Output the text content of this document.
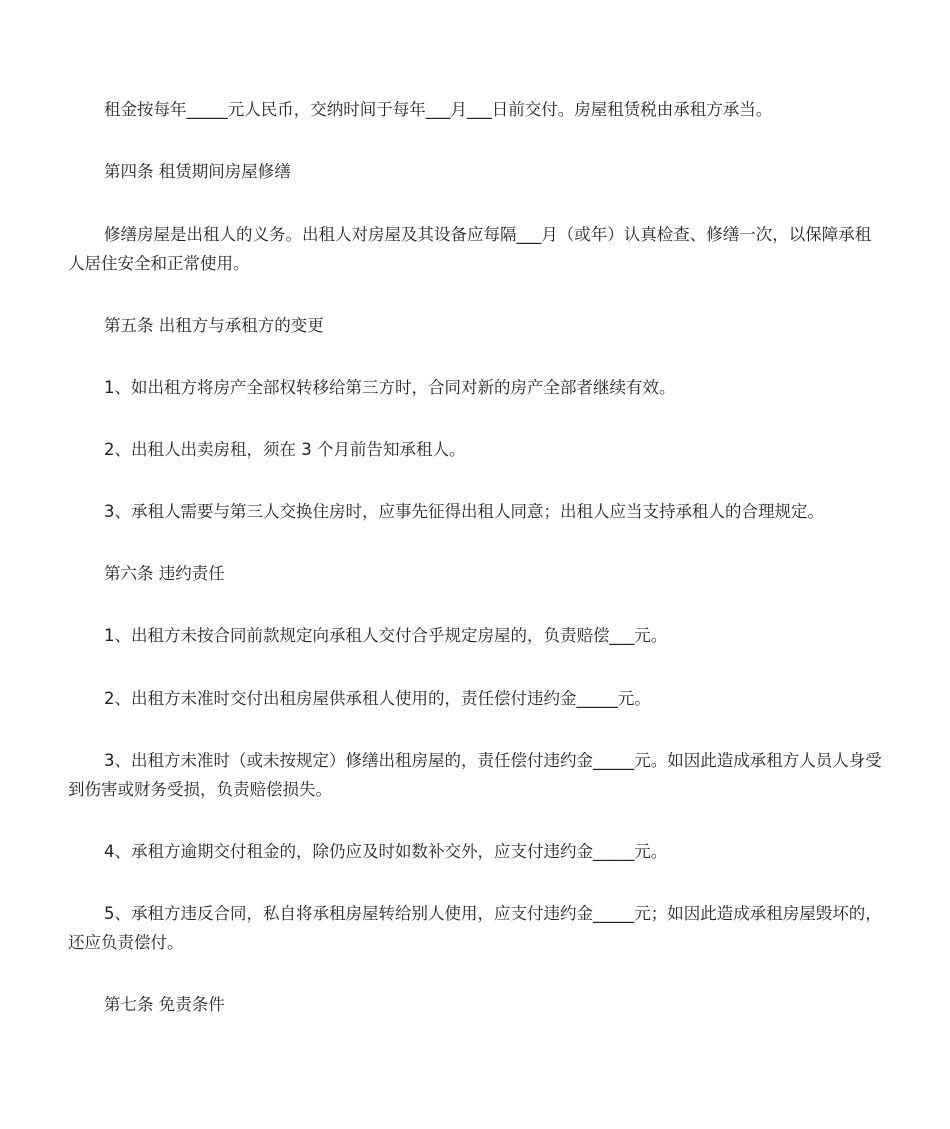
租金按每年_____元人民币，交纳时间于每年___月___日前交付。房屋租赁税由承租方承当。

第四条 租赁期间房屋修缮

修缮房屋是出租人的义务。出租人对房屋及其设备应每隔___月（或年）认真检查、修缮一次，以保障承租人居住安全和正常使用。

第五条 出租方与承租方的变更

1、如出租方将房产全部权转移给第三方时，合同对新的房产全部者继续有效。

2、出租人出卖房租，须在 3 个月前告知承租人。

3、承租人需要与第三人交换住房时，应事先征得出租人同意；出租人应当支持承租人的合理规定。

第六条 违约责任

1、出租方未按合同前款规定向承租人交付合乎规定房屋的，负责赔偿___元。

2、出租方未准时交付出租房屋供承租人使用的，责任偿付违约金_____元。

3、出租方未准时（或未按规定）修缮出租房屋的，责任偿付违约金_____元。如因此造成承租方人员人身受到伤害或财务受损，负责赔偿损失。

4、承租方逾期交付租金的，除仍应及时如数补交外，应支付违约金_____元。

5、承租方违反合同，私自将承租房屋转给别人使用，应支付违约金_____元；如因此造成承租房屋毁坏的，还应负责偿付。

第七条 免责条件
